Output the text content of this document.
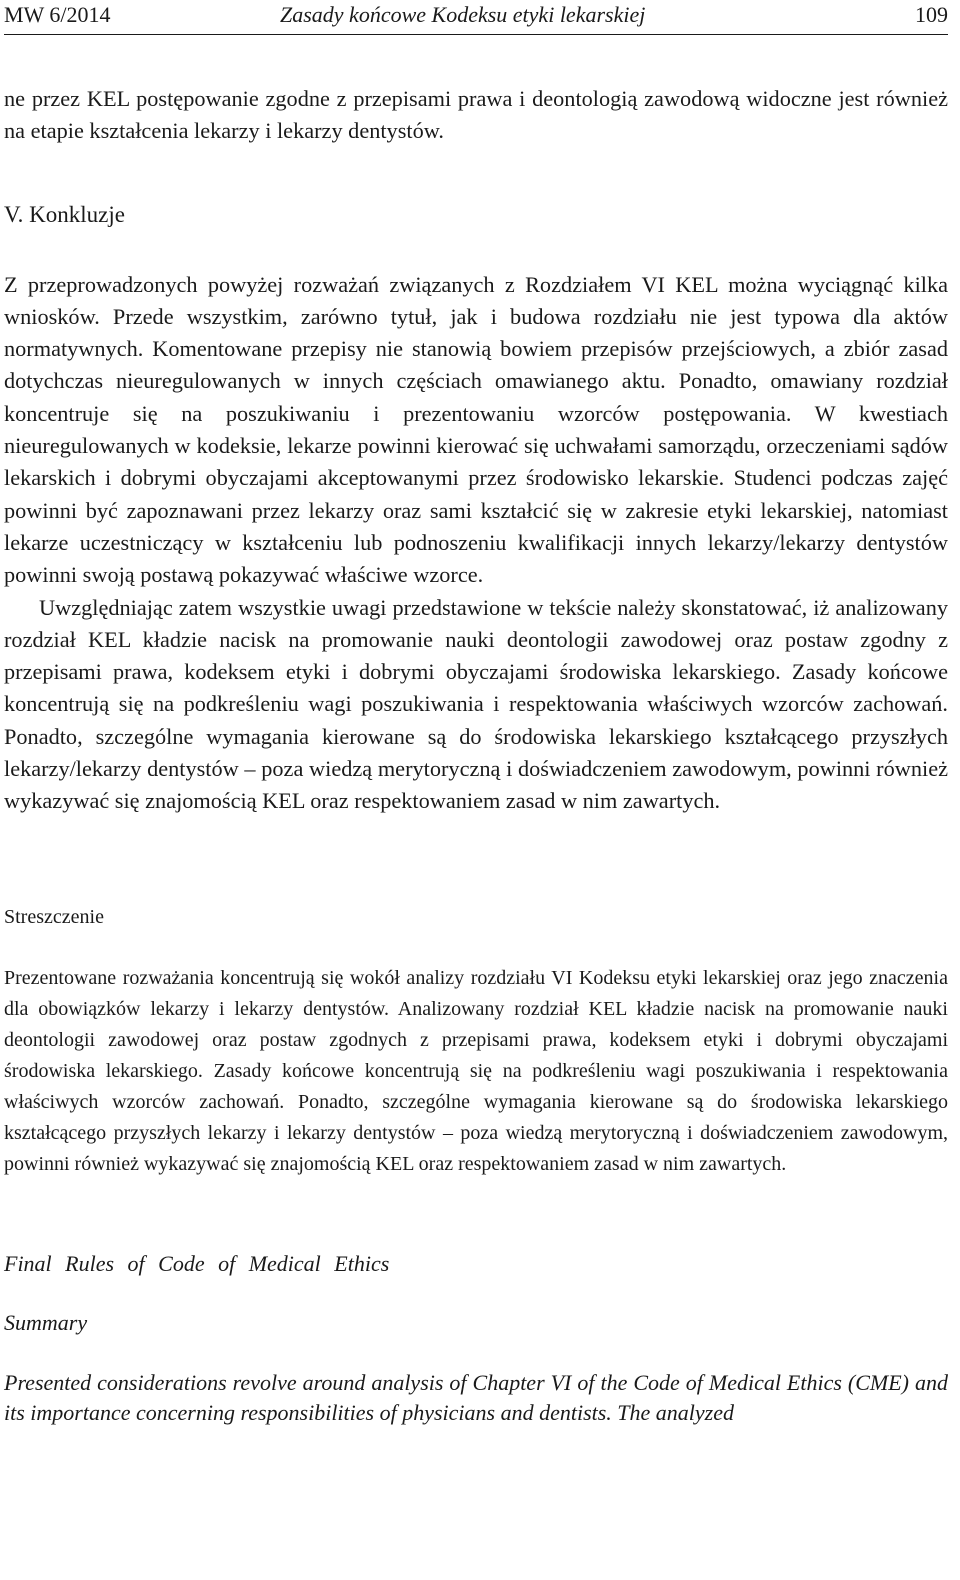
MW 6/2014	Zasady końcowe Kodeksu etyki lekarskiej	109

ne przez KEL postępowanie zgodne z przepisami prawa i deontologią zawodową widoczne jest również na etapie kształcenia lekarzy i lekarzy dentystów.

V. Konkluzje

Z przeprowadzonych powyżej rozważań związanych z Rozdziałem VI KEL można wyciągnąć kilka wniosków. Przede wszystkim, zarówno tytuł, jak i budowa rozdziału nie jest typowa dla aktów normatywnych. Komentowane przepisy nie stanowią bowiem przepisów przejściowych, a zbiór zasad dotychczas nieuregulowanych w innych częściach omawianego aktu. Ponadto, omawiany rozdział koncentruje się na poszukiwaniu i prezentowaniu wzorców postępowania. W kwestiach nieuregulowanych w kodeksie, lekarze powinni kierować się uchwałami samorządu, orzeczeniami sądów lekarskich i dobrymi obyczajami akceptowanymi przez środowisko lekarskie. Studenci podczas zajęć powinni być zapoznawani przez lekarzy oraz sami kształcić się w zakresie etyki lekarskiej, natomiast lekarze uczestniczący w kształceniu lub podnoszeniu kwalifikacji innych lekarzy/lekarzy dentystów powinni swoją postawą pokazywać właściwe wzorce.

Uwzględniając zatem wszystkie uwagi przedstawione w tekście należy skonstatować, iż analizowany rozdział KEL kładzie nacisk na promowanie nauki deontologii zawodowej oraz postaw zgodny z przepisami prawa, kodeksem etyki i dobrymi obyczajami środowiska lekarskiego. Zasady końcowe koncentrują się na podkreśleniu wagi poszukiwania i respektowania właściwych wzorców zachowań. Ponadto, szczególne wymagania kierowane są do środowiska lekarskiego kształcącego przyszłych lekarzy/lekarzy dentystów – poza wiedzą merytoryczną i doświadczeniem zawodowym, powinni również wykazywać się znajomością KEL oraz respektowaniem zasad w nim zawartych.

Streszczenie

Prezentowane rozważania koncentrują się wokół analizy rozdziału VI Kodeksu etyki lekarskiej oraz jego znaczenia dla obowiązków lekarzy i lekarzy dentystów. Analizowany rozdział KEL kładzie nacisk na promowanie nauki deontologii zawodowej oraz postaw zgodnych z przepisami prawa, kodeksem etyki i dobrymi obyczajami środowiska lekarskiego. Zasady końcowe koncentrują się na podkreśleniu wagi poszukiwania i respektowania właściwych wzorców zachowań. Ponadto, szczególne wymagania kierowane są do środowiska lekarskiego kształcącego przyszłych lekarzy i lekarzy dentystów – poza wiedzą merytoryczną i doświadczeniem zawodowym, powinni również wykazywać się znajomością KEL oraz respektowaniem zasad w nim zawartych.

Final Rules of Code of Medical Ethics
Summary

Presented considerations revolve around analysis of Chapter VI of the Code of Medical Ethics (CME) and its importance concerning responsibilities of physicians and dentists. The analyzed
